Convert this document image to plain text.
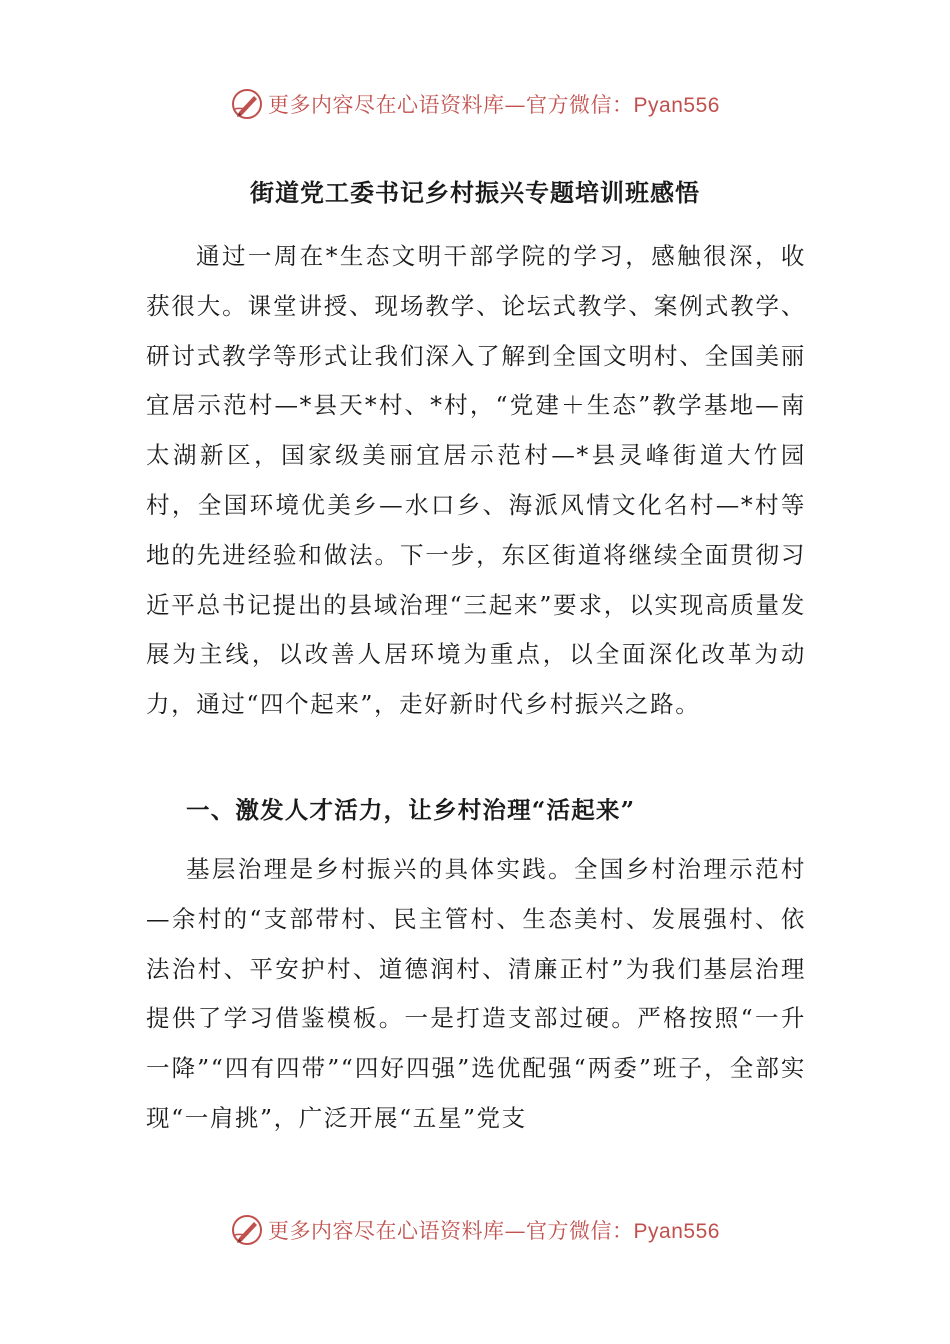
更多内容尽在心语资料库—官方微信：Pyan556
街道党工委书记乡村振兴专题培训班感悟

通过一周在*生态文明干部学院的学习，感触很深，收获很大。课堂讲授、现场教学、论坛式教学、案例式教学、研讨式教学等形式让我们深入了解到全国文明村、全国美丽宜居示范村—*县天*村、*村，“党建＋生态”教学基地—南太湖新区，国家级美丽宜居示范村—*县灵峰街道大竹园村，全国环境优美乡—水口乡、海派风情文化名村—*村等地的先进经验和做法。下一步，东区街道将继续全面贯彻习近平总书记提出的县域治理“三起来”要求，以实现高质量发展为主线，以改善人居环境为重点，以全面深化改革为动力，通过“四个起来”，走好新时代乡村振兴之路。

一、激发人才活力，让乡村治理“活起来”

基层治理是乡村振兴的具体实践。全国乡村治理示范村—余村的“支部带村、民主管村、生态美村、发展强村、依法治村、平安护村、道德润村、清廉正村”为我们基层治理提供了学习借鉴模板。一是打造支部过硬。严格按照“一升一降”“四有四带”“四好四强”选优配强“两委”班子，全部实现“一肩挑”，广泛开展“五星”党支

更多内容尽在心语资料库—官方微信：Pyan556
